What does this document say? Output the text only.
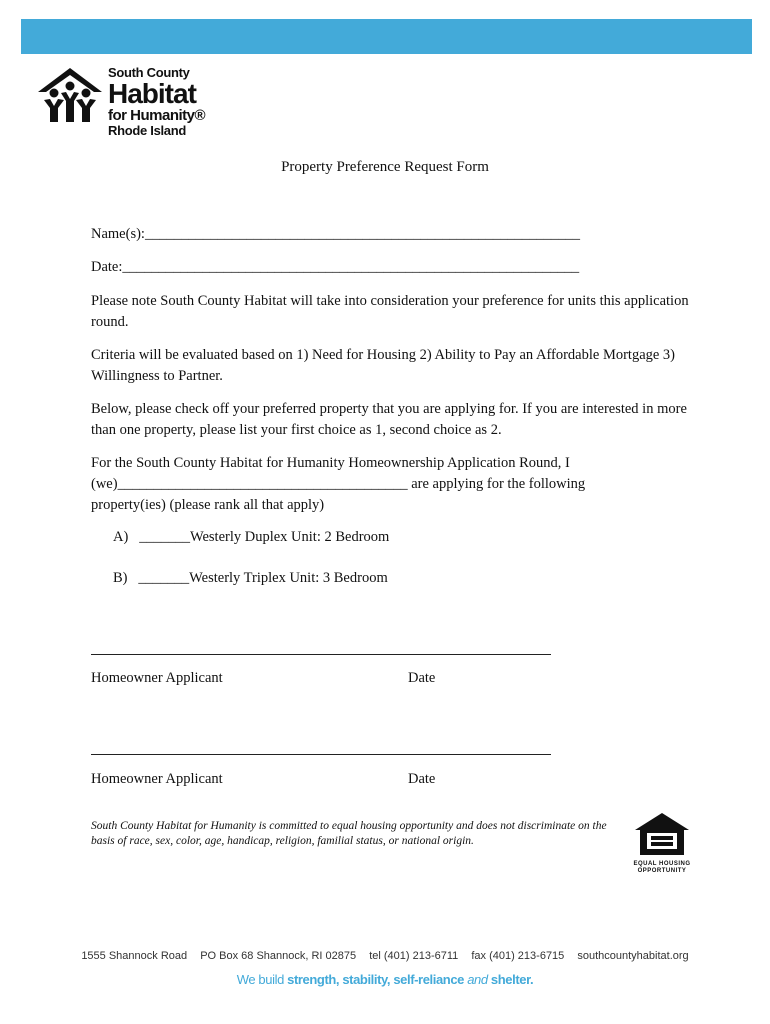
South County
Habitat
for Humanity®
Rhode Island
Property Preference Request Form
Name(s):____________________________________________________________
Date:_______________________________________________________________
Please note South County Habitat will take into consideration your preference for units this application round.
Criteria will be evaluated based on 1) Need for Housing 2) Ability to Pay an Affordable Mortgage 3) Willingness to Partner.
Below, please check off your preferred property that you are applying for. If you are interested in more than one property, please list your first choice as 1, second choice as 2.
For the South County Habitat for Humanity Homeownership Application Round, I
(we)________________________________________ are applying for the following
property(ies) (please rank all that apply)
A) _______Westerly Duplex Unit: 2 Bedroom
B) _______Westerly Triplex Unit: 3 Bedroom
Homeowner Applicant	Date
Homeowner Applicant	Date
South County Habitat for Humanity is committed to equal housing opportunity and does not discriminate on the basis of race, sex, color, age, handicap, religion, familial status, or national origin.
EQUAL HOUSING
OPPORTUNITY
1555 Shannock Road PO Box 68 Shannock, RI 02875 tel (401) 213-6711 fax (401) 213-6715 southcountyhabitat.org
We build strength, stability, self-reliance and shelter.
